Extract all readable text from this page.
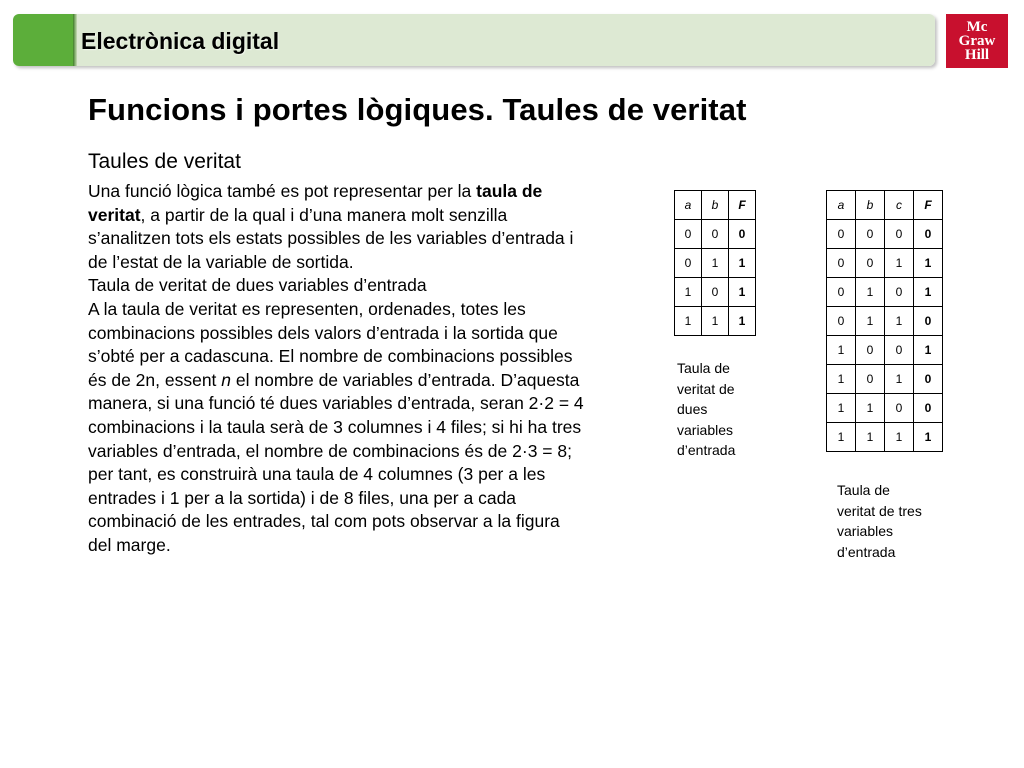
Electrònica digital
Mc
Graw
Hill
Funcions i portes lògiques. Taules de veritat
Taules de veritat

Una funció lògica també es pot representar per la taula de veritat, a partir de la qual i d’una manera molt senzilla s’analitzen tots els estats possibles de les variables d’entrada i de l’estat de la variable de sortida.

Taula de veritat de dues variables d’entrada

A la taula de veritat es representen, ordenades, totes les combinacions possibles dels valors d’entrada i la sortida que s’obté per a cadascuna. El nombre de combinacions possibles és de 2n, essent n el nombre de variables d’entrada. D’aquesta manera, si una funció té dues variables d’entrada, seran 2·2 = 4 combinacions i la taula serà de 3 columnes i 4 files; si hi ha tres variables d’entrada, el nombre de combinacions és de 2·3 = 8; per tant, es construirà una taula de 4 columnes (3 per a les entrades i 1 per a la sortida) i de 8 files, una per a cada combinació de les entrades, tal com pots observar a la figura del marge.

a	b	F
0	0	0
0	1	1
1	0	1
1	1	1
Taula de veritat de dues variables d’entrada
a	b	c	F
0	0	0	0
0	0	1	1
0	1	0	1
0	1	1	0
1	0	0	1
1	0	1	0
1	1	0	0
1	1	1	1
Taula de veritat de tres variables d’entrada
